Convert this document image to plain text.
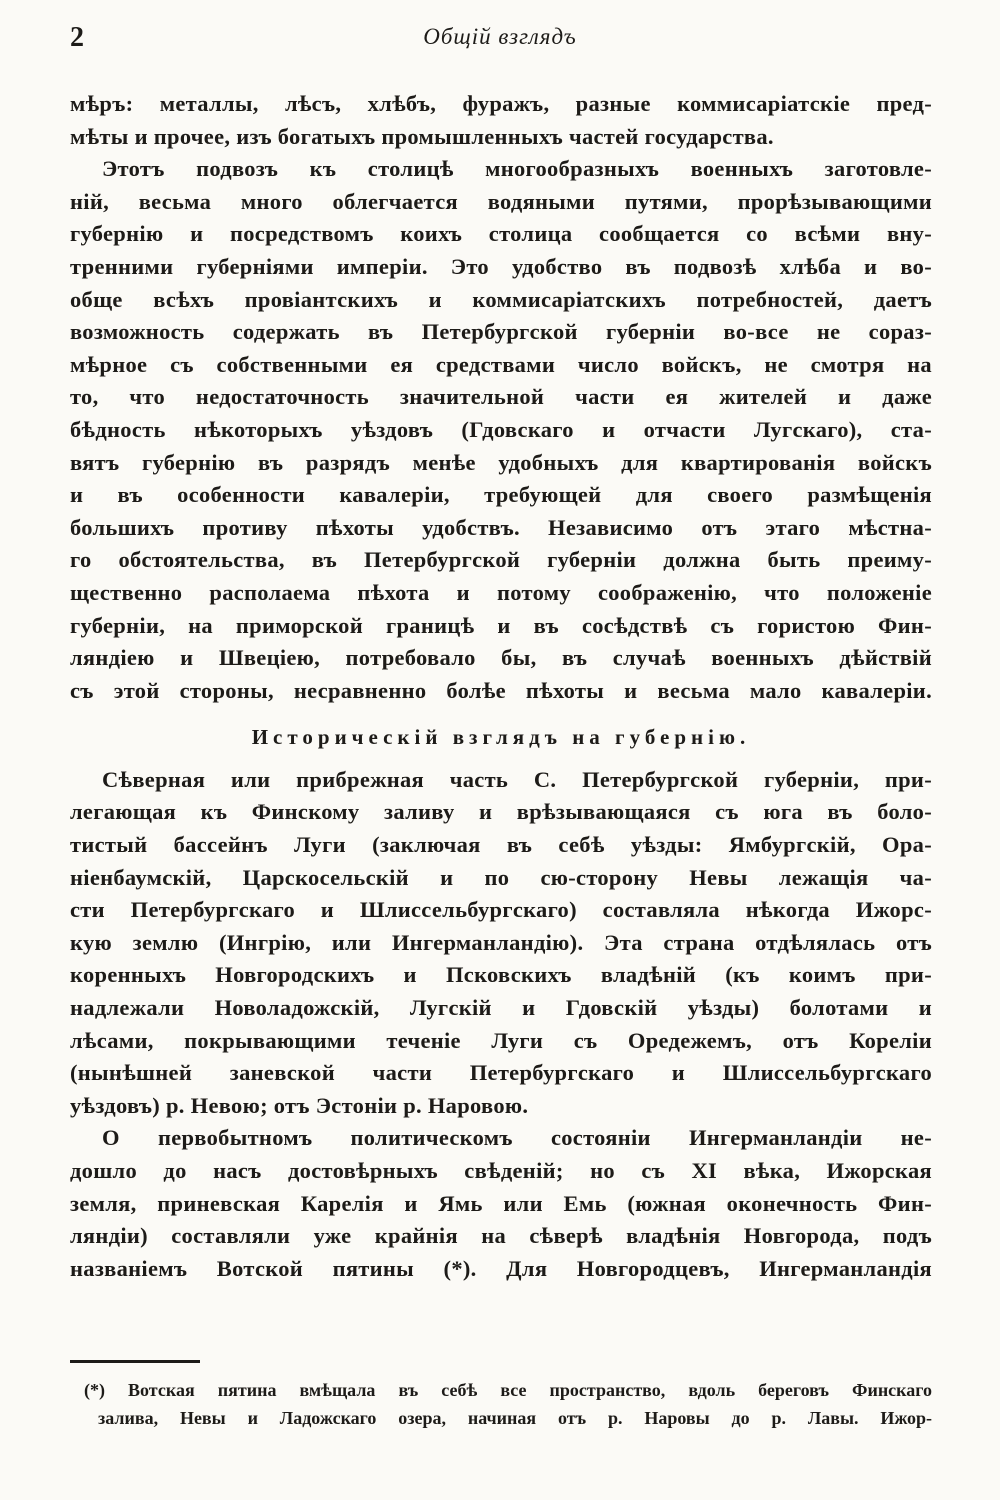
2	Общій взглядъ

мѣръ: металлы, лѣсъ, хлѣбъ, фуражъ, разные коммисаріатскіе пред-

мѣты и прочее, изъ богатыхъ промышленныхъ частей государства.

Этотъ подвозъ къ столицѣ многообразныхъ военныхъ заготовле-

ній, весьма много облегчается водяными путями, прорѣзывающими

губернію и посредствомъ коихъ столица сообщается со всѣми вну-

тренними губерніями имперіи. Это удобство въ подвозѣ хлѣба и во-

обще всѣхъ провіантскихъ и коммисаріатскихъ потребностей, даетъ

возможность содержать въ Петербургской губерніи во-все не сораз-

мѣрное съ собственными ея средствами число войскъ, не смотря на

то, что недостаточность значительной части ея жителей и даже

бѣдность нѣкоторыхъ уѣздовъ (Гдовскаго и отчасти Лугскаго), ста-

вятъ губернію въ разрядъ менѣе удобныхъ для квартированія войскъ

и въ особенности кавалеріи, требующей для своего размѣщенія

большихъ противу пѣхоты удобствъ. Независимо отъ этаго мѣстна-

го обстоятельства, въ Петербургской губерніи должна быть преиму-

щественно располаема пѣхота и потому соображенію, что положеніе

губерніи, на приморской границѣ и въ сосѣдствѣ съ гористою Фин-

ляндіею и Швеціею, потребовало бы, въ случаѣ военныхъ дѣйствій

съ этой стороны, несравненно болѣе пѣхоты и весьма мало кавалеріи.

Историческій взглядъ на губернію.

Сѣверная или прибрежная часть С. Петербургской губерніи, при-

легающая къ Финскому заливу и врѣзывающаяся съ юга въ боло-

тистый бассейнъ Луги (заключая въ себѣ уѣзды: Ямбургскій, Ора-

ніенбаумскій, Царскосельскій и по сю-сторону Невы лежащія ча-

сти Петербургскаго и Шлиссельбургскаго) составляла нѣкогда Ижорс-

кую землю (Ингрію, или Ингерманландію). Эта страна отдѣлялась отъ

коренныхъ Новгородскихъ и Псковскихъ владѣній (къ коимъ при-

надлежали Новоладожскій, Лугскій и Гдовскій уѣзды) болотами и

лѣсами, покрывающими теченіе Луги съ Оредежемъ, отъ Кореліи

(нынѣшней заневской части Петербургскаго и Шлиссельбургскаго

уѣздовъ) р. Невою; отъ Эстоніи р. Наровою.

О первобытномъ политическомъ состояніи Ингерманландіи не-

дошло до насъ достовѣрныхъ свѣденій; но съ XI вѣка, Ижорская

земля, приневская Карелія и Ямь или Емь (южная оконечность Фин-

ляндіи) составляли уже крайнія на сѣверѣ владѣнія Новгорода, подъ

названіемъ Вотской пятины (*). Для Новгородцевъ, Ингерманландія

(*) Вотская пятина вмѣщала въ себѣ все пространство, вдоль береговъ Финскаго

залива, Невы и Ладожскаго озера, начиная отъ р. Наровы до р. Лавы. Ижор-
